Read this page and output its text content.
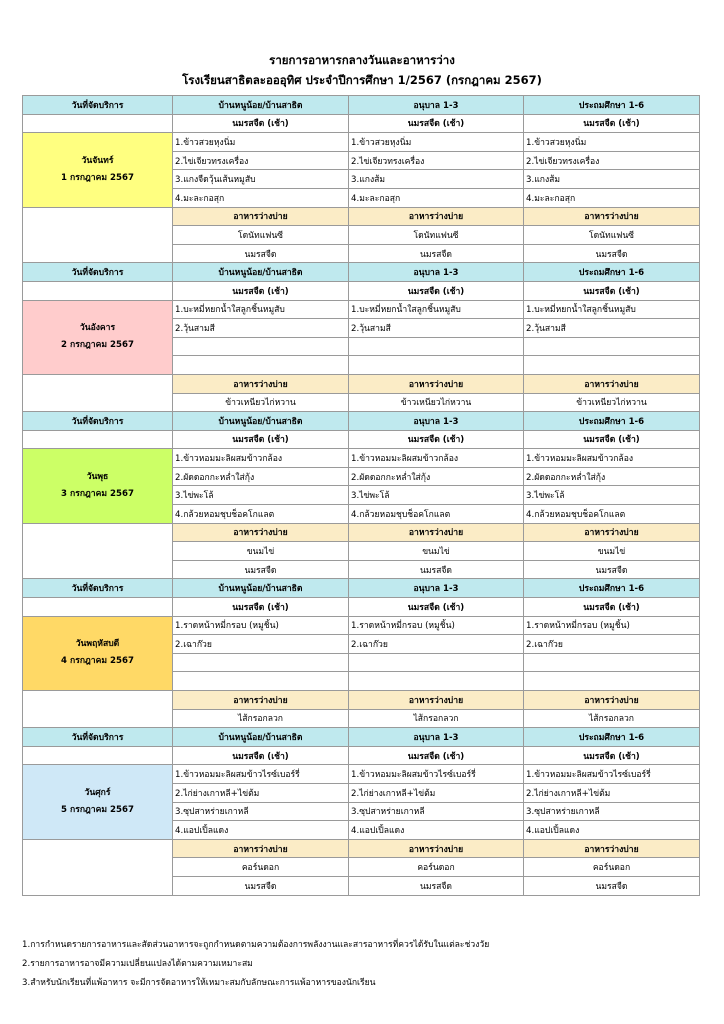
รายการอาหารกลางวันและอาหารว่าง
โรงเรียนสาธิตละอออุทิศ ประจำปีการศึกษา 1/2567 (กรกฎาคม 2567)
วันที่จัดบริการ	บ้านหนูน้อย/บ้านสาธิต	อนุบาล 1-3	ประถมศึกษา 1-6
	นมรสจืด (เช้า)	นมรสจืด (เช้า)	นมรสจืด (เช้า)

วันจันทร์
1 กรกฎาคม 2567	1.ข้าวสวยหุงนิ่ม	1.ข้าวสวยหุงนิ่ม	1.ข้าวสวยหุงนิ่ม
	2.ไข่เจียวทรงเครื่อง	2.ไข่เจียวทรงเครื่อง	2.ไข่เจียวทรงเครื่อง
	3.แกงจืดวุ้นเส้นหมูสับ	3.แกงส้ม	3.แกงส้ม
	4.มะละกอสุก	4.มะละกอสุก	4.มะละกอสุก
	อาหารว่างบ่าย	อาหารว่างบ่าย	อาหารว่างบ่าย
	โดนัทแฟนซี	โดนัทแฟนซี	โดนัทแฟนซี
	นมรสจืด	นมรสจืด	นมรสจืด
วันที่จัดบริการ	บ้านหนูน้อย/บ้านสาธิต	อนุบาล 1-3	ประถมศึกษา 1-6
	นมรสจืด (เช้า)	นมรสจืด (เช้า)	นมรสจืด (เช้า)

วันอังคาร
2 กรกฎาคม 2567	1.บะหมี่หยกน้ำใสลูกชิ้นหมูสับ	1.บะหมี่หยกน้ำใสลูกชิ้นหมูสับ	1.บะหมี่หยกน้ำใสลูกชิ้นหมูสับ
	2.วุ้นสามสี	2.วุ้นสามสี	2.วุ้นสามสี

	อาหารว่างบ่าย	อาหารว่างบ่าย	อาหารว่างบ่าย
	ข้าวเหนียวไก่หวาน	ข้าวเหนียวไก่หวาน	ข้าวเหนียวไก่หวาน
วันที่จัดบริการ	บ้านหนูน้อย/บ้านสาธิต	อนุบาล 1-3	ประถมศึกษา 1-6
	นมรสจืด (เช้า)	นมรสจืด (เช้า)	นมรสจืด (เช้า)

วันพุธ
3 กรกฎาคม 2567	1.ข้าวหอมมะลิผสมข้าวกล้อง	1.ข้าวหอมมะลิผสมข้าวกล้อง	1.ข้าวหอมมะลิผสมข้าวกล้อง
	2.ผัดดอกกะหล่ำใส่กุ้ง	2.ผัดดอกกะหล่ำใส่กุ้ง	2.ผัดดอกกะหล่ำใส่กุ้ง
	3.ไข่พะโล้	3.ไข่พะโล้	3.ไข่พะโล้
	4.กล้วยหอมชุบช็อคโกแลต	4.กล้วยหอมชุบช็อคโกแลต	4.กล้วยหอมชุบช็อคโกแลต
	อาหารว่างบ่าย	อาหารว่างบ่าย	อาหารว่างบ่าย
	ขนมไข่	ขนมไข่	ขนมไข่
	นมรสจืด	นมรสจืด	นมรสจืด
วันที่จัดบริการ	บ้านหนูน้อย/บ้านสาธิต	อนุบาล 1-3	ประถมศึกษา 1-6
	นมรสจืด (เช้า)	นมรสจืด (เช้า)	นมรสจืด (เช้า)

วันพฤหัสบดี
4 กรกฎาคม 2567	1.ราดหน้าหมี่กรอบ (หมูชิ้น)	1.ราดหน้าหมี่กรอบ (หมูชิ้น)	1.ราดหน้าหมี่กรอบ (หมูชิ้น)
	2.เฉาก๊วย	2.เฉาก๊วย	2.เฉาก๊วย

	อาหารว่างบ่าย	อาหารว่างบ่าย	อาหารว่างบ่าย
	ไส้กรอกลวก	ไส้กรอกลวก	ไส้กรอกลวก
วันที่จัดบริการ	บ้านหนูน้อย/บ้านสาธิต	อนุบาล 1-3	ประถมศึกษา 1-6
	นมรสจืด (เช้า)	นมรสจืด (เช้า)	นมรสจืด (เช้า)

วันศุกร์
5 กรกฎาคม 2567	1.ข้าวหอมมะลิผสมข้าวไรซ์เบอร์รี่	1.ข้าวหอมมะลิผสมข้าวไรซ์เบอร์รี่	1.ข้าวหอมมะลิผสมข้าวไรซ์เบอร์รี่
	2.ไก่ย่างเกาหลี+ไข่ต้ม	2.ไก่ย่างเกาหลี+ไข่ต้ม	2.ไก่ย่างเกาหลี+ไข่ต้ม
	3.ซุปสาหร่ายเกาหลี	3.ซุปสาหร่ายเกาหลี	3.ซุปสาหร่ายเกาหลี
	4.แอปเปิ้ลแดง	4.แอปเปิ้ลแดง	4.แอปเปิ้ลแดง
	อาหารว่างบ่าย	อาหารว่างบ่าย	อาหารว่างบ่าย
	คอร์นดอก	คอร์นดอก	คอร์นดอก
	นมรสจืด	นมรสจืด	นมรสจืด
1.การกำหนดรายการอาหารและสัดส่วนอาหารจะถูกกำหนดตามความต้องการพลังงานและสารอาหารที่ควรได้รับในแต่ละช่วงวัย
2.รายการอาหารอาจมีความเปลี่ยนแปลงได้ตามความเหมาะสม
3.สำหรับนักเรียนที่แพ้อาหาร จะมีการจัดอาหารให้เหมาะสมกับลักษณะการแพ้อาหารของนักเรียน
